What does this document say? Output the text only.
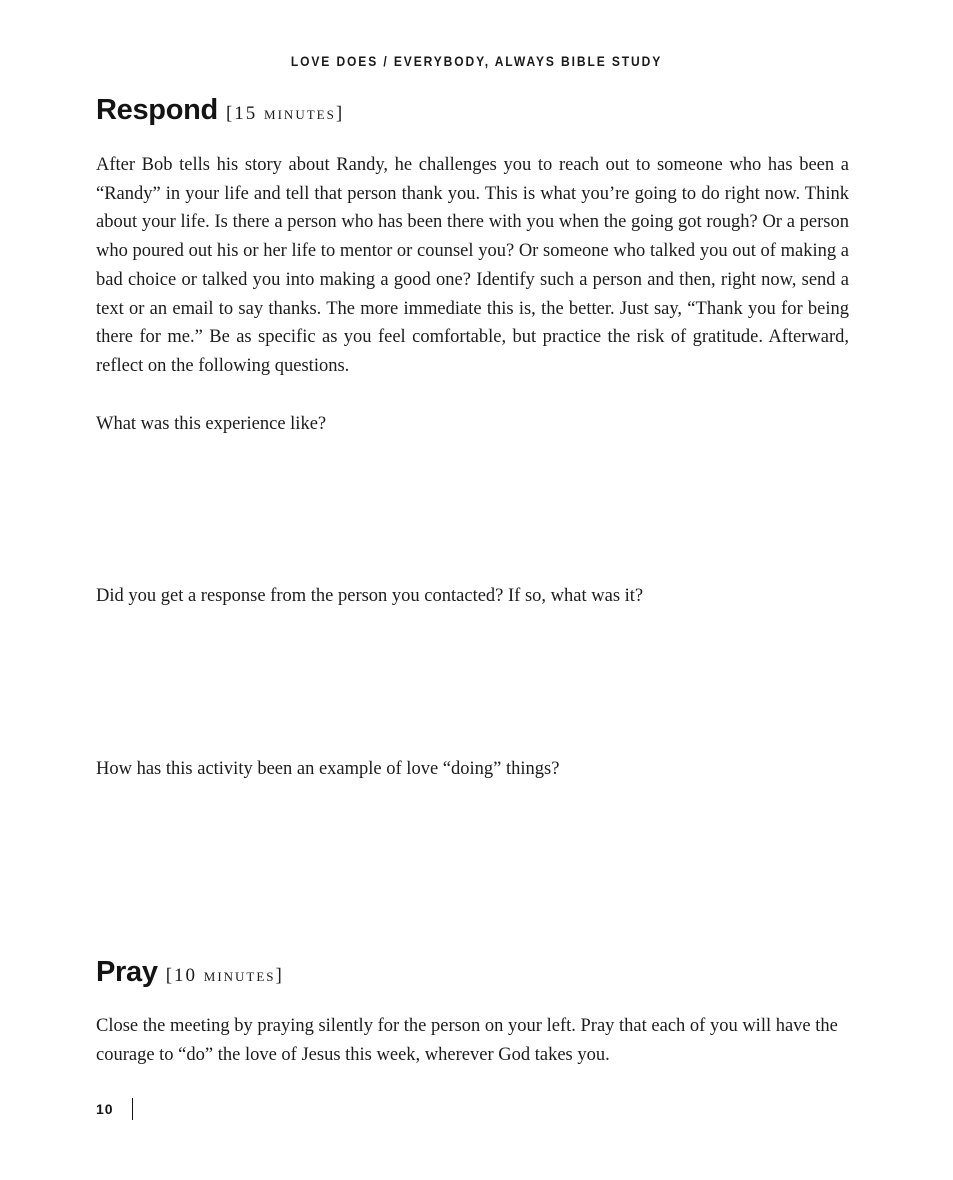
LOVE DOES / EVERYBODY, ALWAYS BIBLE STUDY
Respond [15 minutes]
After Bob tells his story about Randy, he challenges you to reach out to someone who has been a “Randy” in your life and tell that person thank you. This is what you’re going to do right now. Think about your life. Is there a person who has been there with you when the going got rough? Or a person who poured out his or her life to mentor or counsel you? Or someone who talked you out of making a bad choice or talked you into making a good one? Identify such a person and then, right now, send a text or an email to say thanks. The more immediate this is, the better. Just say, “Thank you for being there for me.” Be as specific as you feel comfortable, but practice the risk of gratitude. Afterward, reflect on the following questions.
What was this experience like?
Did you get a response from the person you contacted? If so, what was it?
How has this activity been an example of love “doing” things?
Pray [10 minutes]
Close the meeting by praying silently for the person on your left. Pray that each of you will have the courage to “do” the love of Jesus this week, wherever God takes you.
10
